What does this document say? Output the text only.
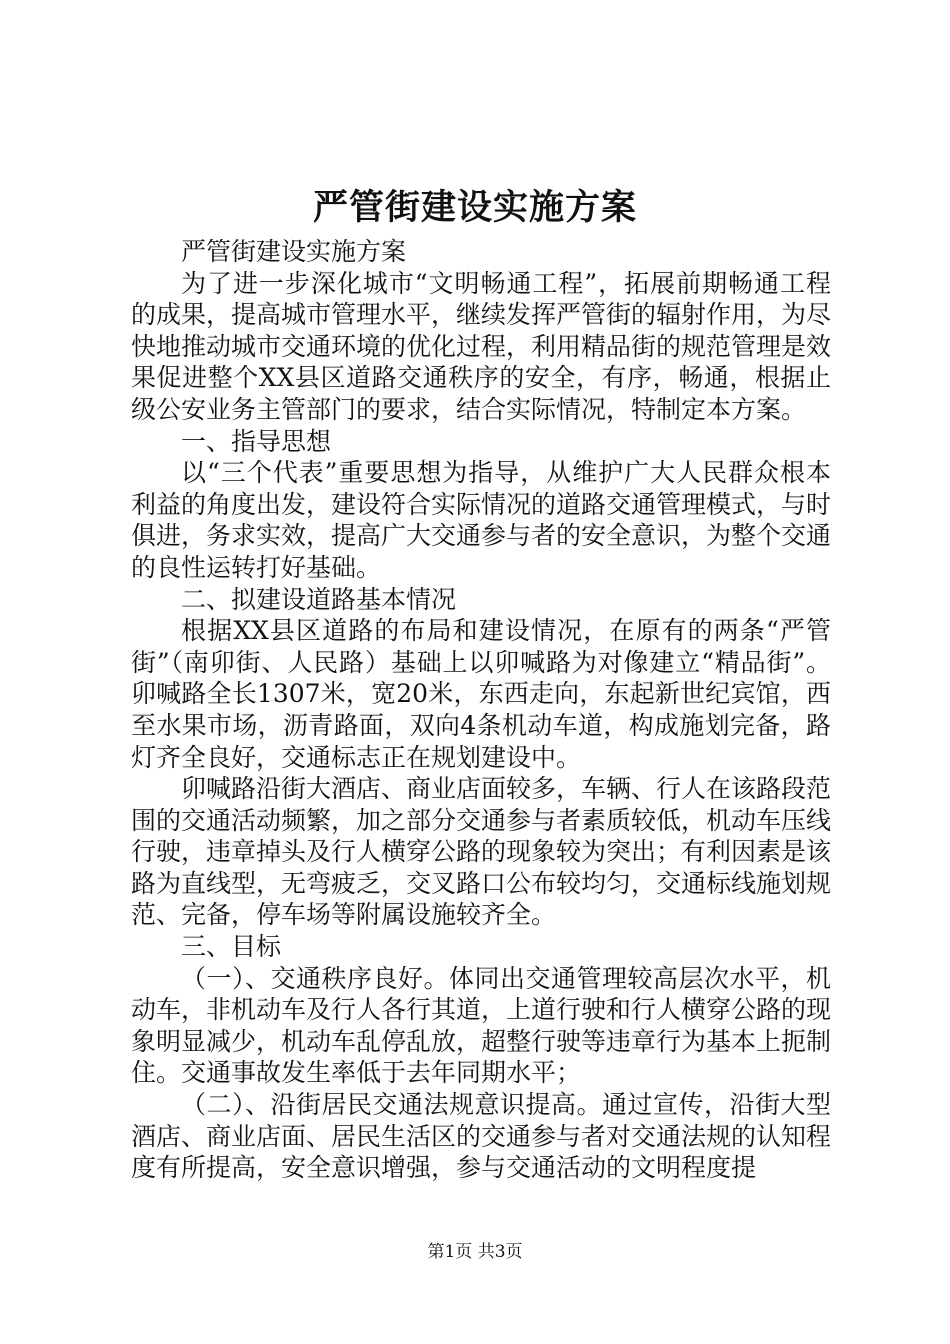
严管街建设实施方案

严管街建设实施方案

为了进一步深化城市“文明畅通工程”，拓展前期畅通工程的成果，提高城市管理水平，继续发挥严管街的辐射作用，为尽快地推动城市交通环境的优化过程，利用精品街的规范管理是效果促进整个XX县区道路交通秩序的安全，有序，畅通，根据止级公安业务主管部门的要求，结合实际情况，特制定本方案。

一、指导思想

以“三个代表”重要思想为指导，从维护广大人民群众根本利益的角度出发，建设符合实际情况的道路交通管理模式，与时俱进，务求实效，提高广大交通参与者的安全意识，为整个交通的良性运转打好基础。

二、拟建设道路基本情况

根据XX县区道路的布局和建设情况，在原有的两条“严管街”（南卯街、人民路）基础上以卯喊路为对像建立“精品街”。卯喊路全长1307米，宽20米，东西走向，东起新世纪宾馆，西至水果市场，沥青路面，双向4条机动车道，构成施划完备，路灯齐全良好，交通标志正在规划建设中。

卯喊路沿街大酒店、商业店面较多，车辆、行人在该路段范围的交通活动频繁，加之部分交通参与者素质较低，机动车压线行驶，违章掉头及行人横穿公路的现象较为突出；有利因素是该路为直线型，无弯疲乏，交叉路口公布较均匀，交通标线施划规范、完备，停车场等附属设施较齐全。

三、目标

（一）、交通秩序良好。体同出交通管理较高层次水平，机动车，非机动车及行人各行其道，上道行驶和行人横穿公路的现象明显减少，机动车乱停乱放，超整行驶等违章行为基本上扼制住。交通事故发生率低于去年同期水平；

（二）、沿街居民交通法规意识提高。通过宣传，沿街大型酒店、商业店面、居民生活区的交通参与者对交通法规的认知程度有所提高，安全意识增强，参与交通活动的文明程度提

第1页 共3页
